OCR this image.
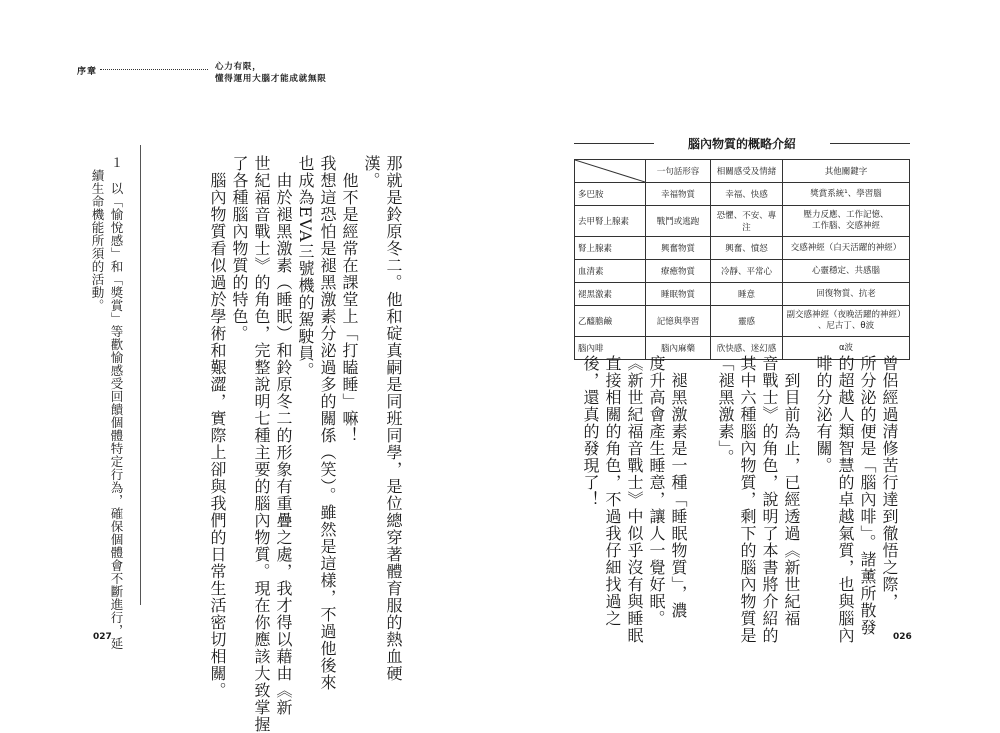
序章	心力有限，
懂得運用大腦才能成就無限
那就是鈴原冬二。他和碇真嗣是同班同學，是位總穿著體育服的熱血硬
漢。
　他不是經常在課堂上「打瞌睡」嘛！
我想這恐怕是褪黑激素分泌過多的關係（笑）。雖然是這樣，不過他後來
也成為EVA三號機的駕駛員。
　由於褪黑激素（睡眠）和鈴原冬二的形象有重疊之處，我才得以藉由《新
世紀福音戰士》的角色，完整說明七種主要的腦內物質。現在你應該大致掌握
了各種腦內物質的特色。
　腦內物質看似過於學術和艱澀，實際上卻與我們的日常生活密切相關。
１　以「愉悅感」和「獎賞」等歡愉感受回饋個體特定行為，確保個體會不斷進行，延
　續生命機能所須的活動。
027
腦內物質的概略介紹
	一句話形容	相關感受及情緒	其他關鍵字
多巴胺	幸福物質	幸福、快感	獎賞系統¹、學習腦

去甲腎上腺素	戰鬥或逃跑	恐懼、不安、專注	壓力反應、工作記憶、
工作腦、交感神經

腎上腺素	興奮物質	興奮、憤怒	交感神經（白天活躍的神經）

血清素	療癒物質	冷靜、平常心	心靈穩定、共感腦

褪黑激素	睡眠物質	睡意	回復物質、抗老

乙醯膽鹼	記憶與學習	靈感	副交感神經（夜晚活躍的神經）
、尼古丁、θ波

腦內啡	腦內麻藥	欣快感、迷幻感	α波
曾侶經過清修苦行達到徹悟之際，
所分泌的便是「腦內啡」。諸薰所散發
的超越人類智慧的卓越氣質，也與腦內
啡的分泌有關。
　到目前為止，已經透過《新世紀福
音戰士》的角色，說明了本書將介紹的
其中六種腦內物質，剩下的腦內物質是
「褪黑激素」。
　褪黑激素是一種「睡眠物質」，濃
度升高會產生睡意，讓人一覺好眠。
《新世紀福音戰士》中似乎沒有與睡眠
直接相關的角色，不過我仔細找過之
後，還真的發現了！
026
